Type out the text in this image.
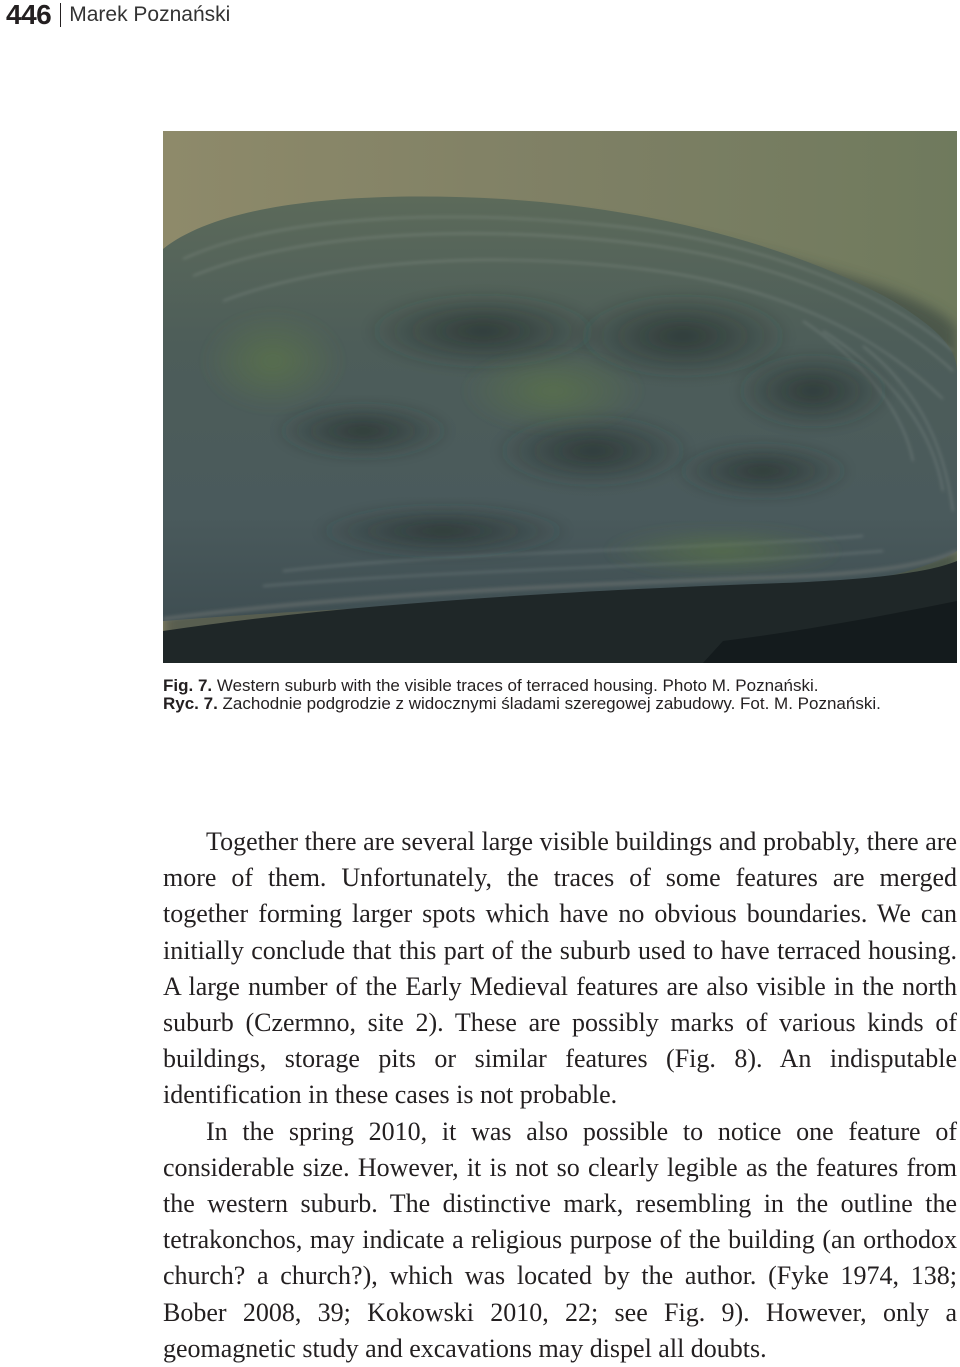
446 Marek Poznański

Fig. 7. Western suburb with the visible traces of terraced housing. Photo M. Poznański.

Ryc. 7. Zachodnie podgrodzie z widocznymi śladami szeregowej zabudowy. Fot. M. Poznański.

Together there are several large visible buildings and probably, there are more of them. Unfortunately, the traces of some features are merged together forming larger spots which have no obvious boundaries. We can initially conclude that this part of the suburb used to have terraced housing. A large number of the Early Medieval features are also visible in the north suburb (Czermno, site 2). These are possibly marks of various kinds of buildings, storage pits or similar features (Fig. 8). An indisputable identification in these cases is not probable.

In the spring 2010, it was also possible to notice one feature of considerable size. However, it is not so clearly legible as the features from the western suburb. The distinctive mark, resembling in the outline the tetrakonchos, may indicate a religious purpose of the building (an orthodox church? a church?), which was located by the author. (Fyke 1974, 138; Bober 2008, 39; Kokowski 2010, 22; see Fig. 9). However, only a geomagnetic study and excavations may dispel all doubts.
